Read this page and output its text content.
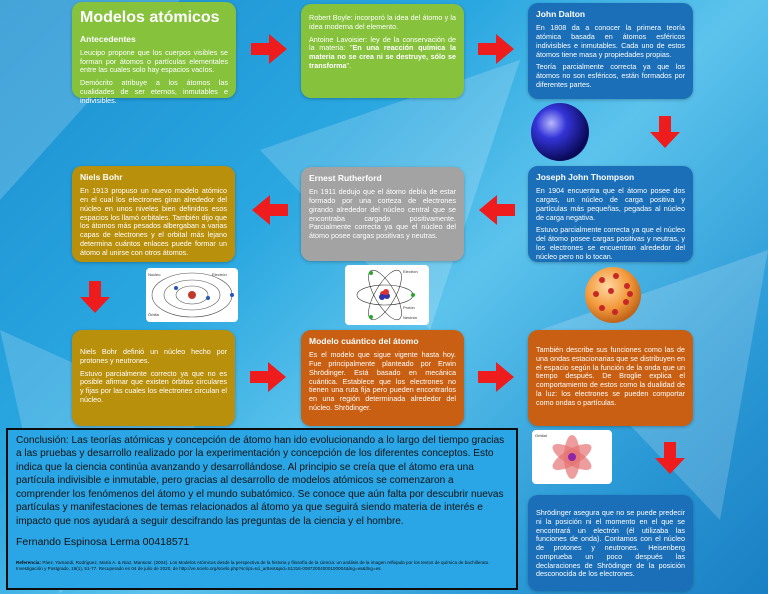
Modelos atómicos
Antecedentes

Leucipo propone que los cuerpos visibles se forman por átomos o partículas elementales entre las cuales solo hay espacios vacíos.

Demócrito atribuye a los átomos las cualidades de ser eternos, inmutables e indivisibles.

Robert Boyle: incorporó la idea del átomo y la idea moderna del elemento.

Antoine Lavoisier: ley de la conservación de la materia: "En una reacción química la materia no se crea ni se destruye, sólo se transforma".

John Dalton

En 1808 da a conocer la primera teoría atómica basada en átomos esféricos indivisibles e inmutables. Cada uno de estos átomos tiene masa y propiedades propias.

Teoría parcialmente correcta ya que los átomos no son esféricos, están formados por diferentes partes.

Niels Bohr

En 1913 propuso un nuevo modelo atómico en el cual los electrones giran alrededor del núcleo en unos niveles bien definidos esos espacios los llamó orbitales. También dijo que los átomos más pesados albergaban a varias capas de electrones y el orbital más lejano determina cuántos enlaces puede formar un átomo al unirse con otros átomos.

Ernest Rutherford

En 1911 dedujo que el átomo debía de estar formado por una corteza de electrones girando alrededor del núcleo central que se encontraba cargado positivamente. Parcialmente correcta ya que el núcleo del átomo posee cargas positivas y neutras.

Joseph John Thompson

En 1904 encuentra que el átomo posee dos cargas, un núcleo de carga positiva y partículas más pequeñas, pegadas al núcleo de carga negativa.

Estuvo parcialmente correcta ya que el núcleo del átomo posee cargas positivas y neutras, y los electrones se encuentran alrededor del núcleo pero no lo tocan.

Electrón
Núcleo
Órbita
Electrón
Protón
Neutrón

Niels Bohr definió un núcleo hecho por protones y neutrones.

Estuvo parcialmente correcto ya que no es posible afirmar que existen órbitas circulares y fijas por las cuales los electrones circulan el núcleo.

Modelo cuántico del átomo

Es el modelo que sigue vigente hasta hoy. Fue principalmente planteado por Erwin Shrödinger. Está basado en mecánica cuántica. Establece que los electrones no tienen una ruta fija pero pueden encontrarlos en una región determinada alrededor del núcleo. Shrödinger.

También describe sus funciones como las de una ondas estacionarias que se distribuyen en el espacio según la función de la onda que un tiempo después. De Broglie explica el comportamiento de estos como la dualidad de la luz: los electrones se pueden comportar como ondas o partículas.

Orbital

Shrödinger asegura que no se puede predecir ni la posición ni el momento en el que se encontrará un electrón (él utilizaba las funciones de onda). Contamos con el núcleo de protones y neutrones. Heisenberg comprueba un poco después las declaraciones de Shrödinger de la posición desconocida de los electrones.

Conclusión: Las teorías atómicas y concepción de átomo han ido evolucionando a lo largo del tiempo gracias a las pruebas y desarrollo realizado por la experimentación y concepción de los diferentes conceptos. Esto indica que la ciencia continúa avanzando y desarrollándose. Al principio se creía que el átomo era una partícula indivisible e inmutable, pero gracias al desarrollo de modelos atómicos se comenzaron a comprender los fenómenos del átomo y el mundo subatómico. Se conoce que aún falta por descubrir nuevas partículas y manifestaciones de temas relacionados al átomo ya que seguirá siendo materia de interés e impacto que nos ayudará a seguir descifrando las preguntas de la ciencia y el hombre.

Fernando Espinosa Lerma 00418571

Referencia: Páez, Yamandi, Rodríguez, María A. & Niaz, Mansoor. (2004). Los Modelos Atómicos desde la perspectiva de la historia y filosofía de la ciencia: un análisis de la imagen reflejada por los textos de química de bachillerato. Investigación y Postgrado, 19(1), 51-77. Recuperado en 04 de julio de 2020, de http://ve.scielo.org/scielo.php?script=sci_arttext&pid=S1316-00872004000100004&lng=es&tlng=es.
